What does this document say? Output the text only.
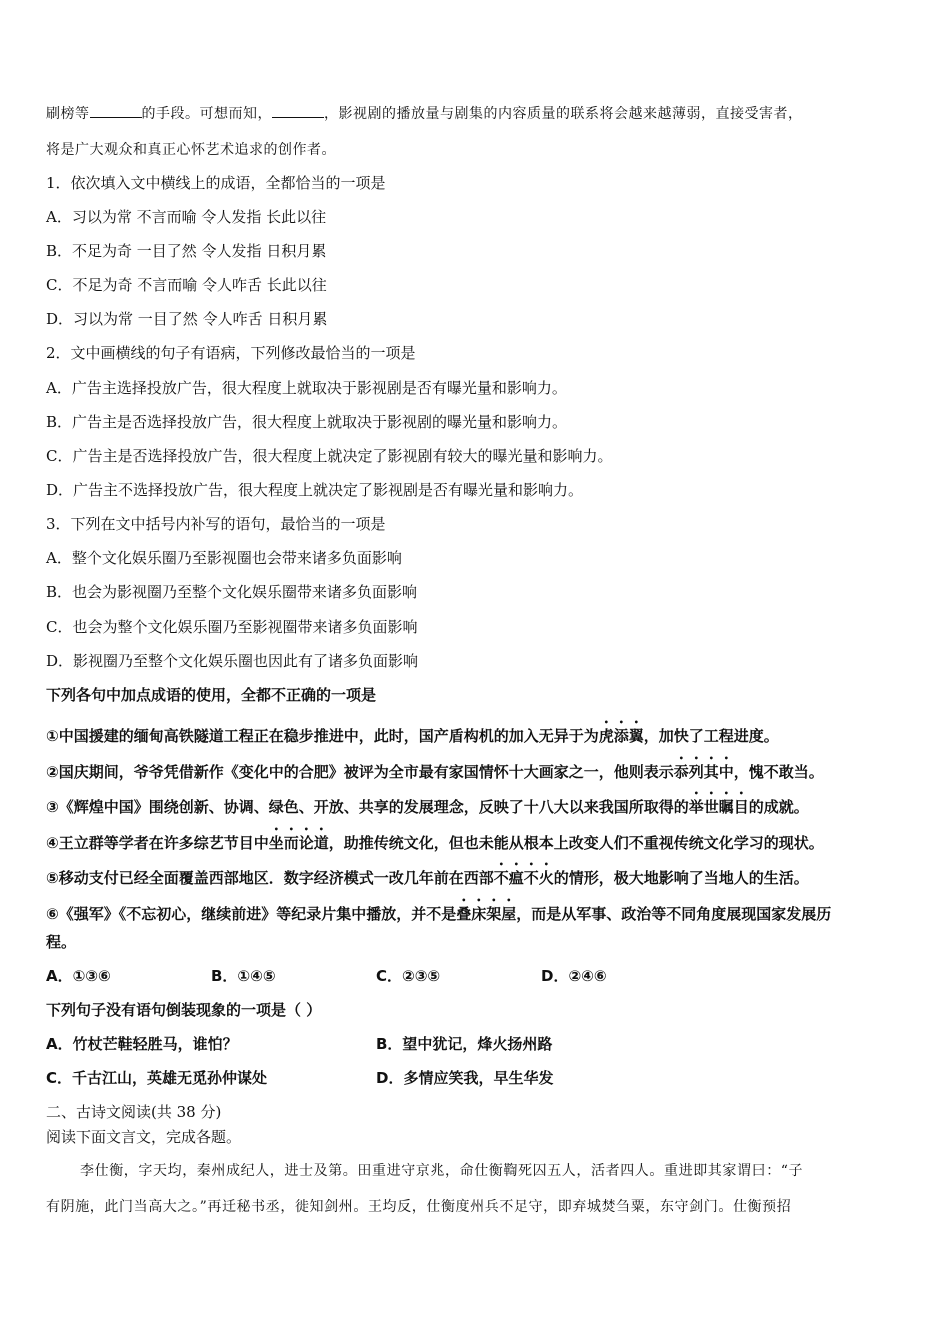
刷榜等	的手段。可想而知，	，影视剧的播放量与剧集的内容质量的联系将会越来越薄弱，直接受害者，
将是广大观众和真正心怀艺术追求的创作者。
1．依次填入文中横线上的成语，全都恰当的一项是
A．习以为常 不言而喻 令人发指 长此以往
B．不足为奇 一目了然 令人发指 日积月累
C．不足为奇 不言而喻 令人咋舌 长此以往
D．习以为常 一目了然 令人咋舌 日积月累
2．文中画横线的句子有语病，下列修改最恰当的一项是
A．广告主选择投放广告，很大程度上就取决于影视剧是否有曝光量和影响力。
B．广告主是否选择投放广告，很大程度上就取决于影视剧的曝光量和影响力。
C．广告主是否选择投放广告，很大程度上就决定了影视剧有较大的曝光量和影响力。
D．广告主不选择投放广告，很大程度上就决定了影视剧是否有曝光量和影响力。
3．下列在文中括号内补写的语句，最恰当的一项是
A．整个文化娱乐圈乃至影视圈也会带来诸多负面影响
B．也会为影视圈乃至整个文化娱乐圈带来诸多负面影响
C．也会为整个文化娱乐圈乃至影视圈带来诸多负面影响
D．影视圈乃至整个文化娱乐圈也因此有了诸多负面影响
下列各句中加点成语的使用，全都不正确的一项是
①中国援建的缅甸高铁隧道工程正在稳步推进中，此时，国产盾构机的加入无异于为虎添翼，加快了工程进度。
②国庆期间，爷爷凭借新作《变化中的合肥》被评为全市最有家国情怀十大画家之一，他则表示忝列其中，愧不敢当。
③《辉煌中国》围绕创新、协调、绿色、开放、共享的发展理念，反映了十八大以来我国所取得的举世瞩目的成就。
④王立群等学者在许多综艺节目中坐而论道，助推传统文化，但也未能从根本上改变人们不重视传统文化学习的现状。
⑤移动支付已经全面覆盖西部地区．数字经济模式一改几年前在西部不瘟不火的情形，极大地影响了当地人的生活。
⑥《强军》《不忘初心，继续前进》等纪录片集中播放，并不是叠床架屋，而是从军事、政治等不同角度展现国家发展历
程。
A．①③⑥	B．①④⑤	C．②③⑤	D．②④⑥
下列句子没有语句倒装现象的一项是（ ）
A．竹杖芒鞋轻胜马，谁怕？	B．望中犹记，烽火扬州路
C．千古江山，英雄无觅孙仲谋处	D．多情应笑我，早生华发
二、古诗文阅读(共 38 分)
阅读下面文言文，完成各题。
李仕衡，字天均，秦州成纪人，进士及第。田重进守京兆，命仕衡鞫死囚五人，活者四人。重进即其家谓曰：“子
有阴施，此门当高大之。”再迁秘书丞，徙知剑州。王均反，仕衡度州兵不足守，即弃城焚刍粟，东守剑门。仕衡预招
